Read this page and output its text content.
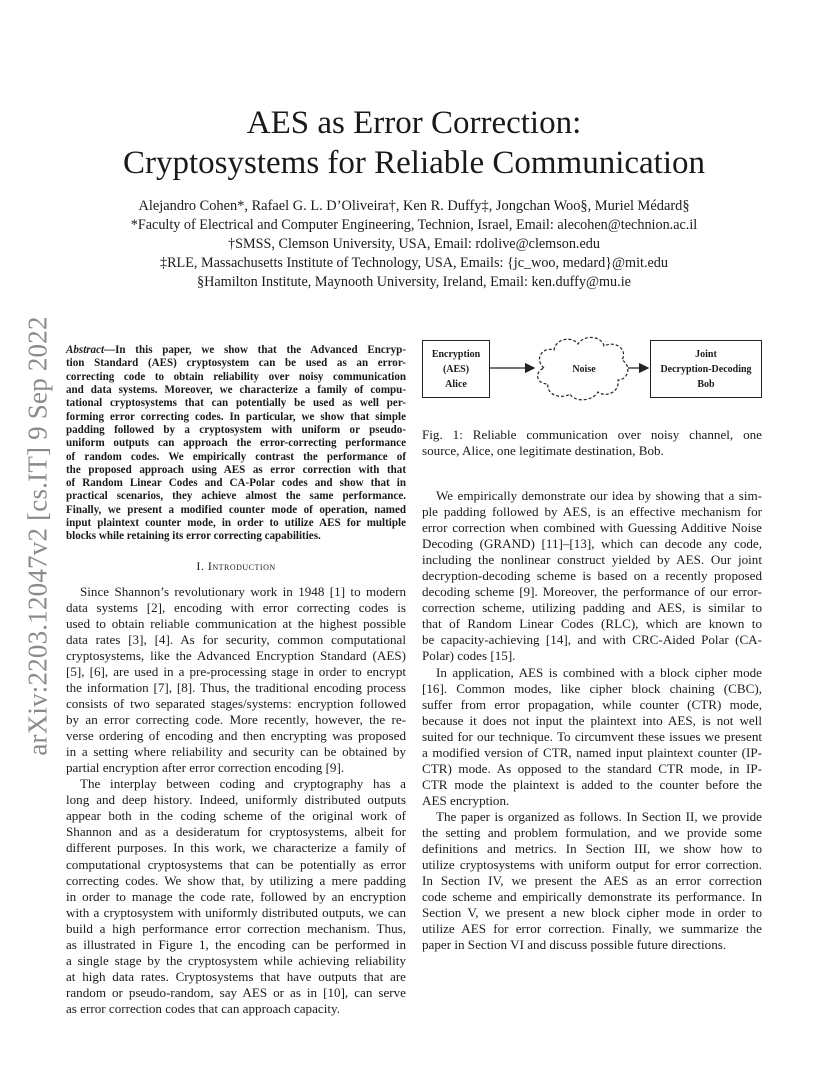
arXiv:2203.12047v2 [cs.IT] 9 Sep 2022
AES as Error Correction:
Cryptosystems for Reliable Communication
Alejandro Cohen*, Rafael G. L. D’Oliveira†, Ken R. Duffy‡, Jongchan Woo§, Muriel Médard§
*Faculty of Electrical and Computer Engineering, Technion, Israel, Email: alecohen@technion.ac.il
†SMSS, Clemson University, USA, Email: rdolive@clemson.edu
‡RLE, Massachusetts Institute of Technology, USA, Emails: {jc_woo, medard}@mit.edu
§Hamilton Institute, Maynooth University, Ireland, Email: ken.duffy@mu.ie
Abstract—In this paper, we show that the Advanced Encryp-
tion Standard (AES) cryptosystem can be used as an error-
correcting code to obtain reliability over noisy communication
and data systems. Moreover, we characterize a family of compu-
tational cryptosystems that can potentially be used as well per-
forming error correcting codes. In particular, we show that simple
padding followed by a cryptosystem with uniform or pseudo-
uniform outputs can approach the error-correcting performance
of random codes. We empirically contrast the performance of
the proposed approach using AES as error correction with that
of Random Linear Codes and CA-Polar codes and show that in
practical scenarios, they achieve almost the same performance.
Finally, we present a modified counter mode of operation, named
input plaintext counter mode, in order to utilize AES for multiple
blocks while retaining its error correcting capabilities.
I. Introduction
Since Shannon’s revolutionary work in 1948 [1] to modern
data systems [2], encoding with error correcting codes is
used to obtain reliable communication at the highest possible
data rates [3], [4]. As for security, common computational
cryptosystems, like the Advanced Encryption Standard (AES)
[5], [6], are used in a pre-processing stage in order to encrypt
the information [7], [8]. Thus, the traditional encoding process
consists of two separated stages/systems: encryption followed
by an error correcting code. More recently, however, the re-
verse ordering of encoding and then encrypting was proposed
in a setting where reliability and security can be obtained by
partial encryption after error correction encoding [9].
The interplay between coding and cryptography has a
long and deep history. Indeed, uniformly distributed outputs
appear both in the coding scheme of the original work of
Shannon and as a desideratum for cryptosystems, albeit for
different purposes. In this work, we characterize a family of
computational cryptosystems that can be potentially as error
correcting codes. We show that, by utilizing a mere padding
in order to manage the code rate, followed by an encryption
with a cryptosystem with uniformly distributed outputs, we can
build a high performance error correction mechanism. Thus,
as illustrated in Figure 1, the encoding can be performed in
a single stage by the cryptosystem while achieving reliability
at high data rates. Cryptosystems that have outputs that are
random or pseudo-random, say AES or as in [10], can serve
as error correction codes that can approach capacity.
Encryption
(AES)
Alice
Noise
Joint
Decryption-Decoding
Bob
Fig. 1: Reliable communication over noisy channel, one
source, Alice, one legitimate destination, Bob.
We empirically demonstrate our idea by showing that a sim-
ple padding followed by AES, is an effective mechanism for
error correction when combined with Guessing Additive Noise
Decoding (GRAND) [11]–[13], which can decode any code,
including the nonlinear construct yielded by AES. Our joint
decryption-decoding scheme is based on a recently proposed
decoding scheme [9]. Moreover, the performance of our error-
correction scheme, utilizing padding and AES, is similar to
that of Random Linear Codes (RLC), which are known to
be capacity-achieving [14], and with CRC-Aided Polar (CA-
Polar) codes [15].
In application, AES is combined with a block cipher mode
[16]. Common modes, like cipher block chaining (CBC),
suffer from error propagation, while counter (CTR) mode,
because it does not input the plaintext into AES, is not well
suited for our technique. To circumvent these issues we present
a modified version of CTR, named input plaintext counter (IP-
CTR) mode. As opposed to the standard CTR mode, in IP-
CTR mode the plaintext is added to the counter before the
AES encryption.
The paper is organized as follows. In Section II, we provide
the setting and problem formulation, and we provide some
definitions and metrics. In Section III, we show how to
utilize cryptosystems with uniform output for error correction.
In Section IV, we present the AES as an error correction
code scheme and empirically demonstrate its performance. In
Section V, we present a new block cipher mode in order to
utilize AES for error correction. Finally, we summarize the
paper in Section VI and discuss possible future directions.
